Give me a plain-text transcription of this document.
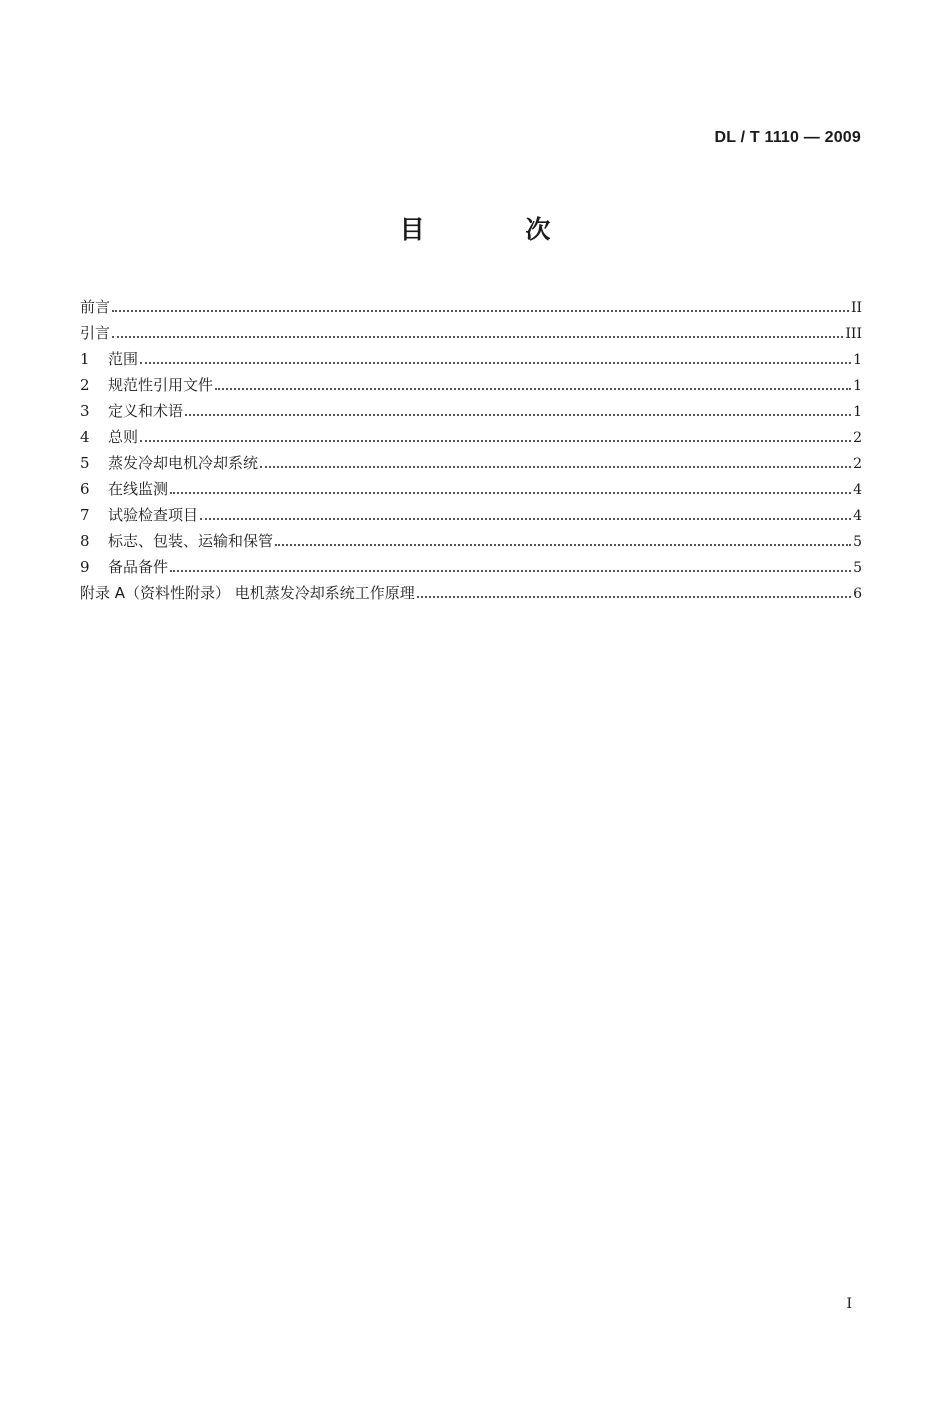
DL / T 1110 — 2009
目 次
前言	II
引言	III
1	范围	1
2	规范性引用文件	1
3	定义和术语	1
4	总则	2
5	蒸发冷却电机冷却系统	2
6	在线监测	4
7	试验检查项目	4
8	标志、包装、运输和保管	5
9	备品备件	5
附录 A（资料性附录） 电机蒸发冷却系统工作原理	6
I
